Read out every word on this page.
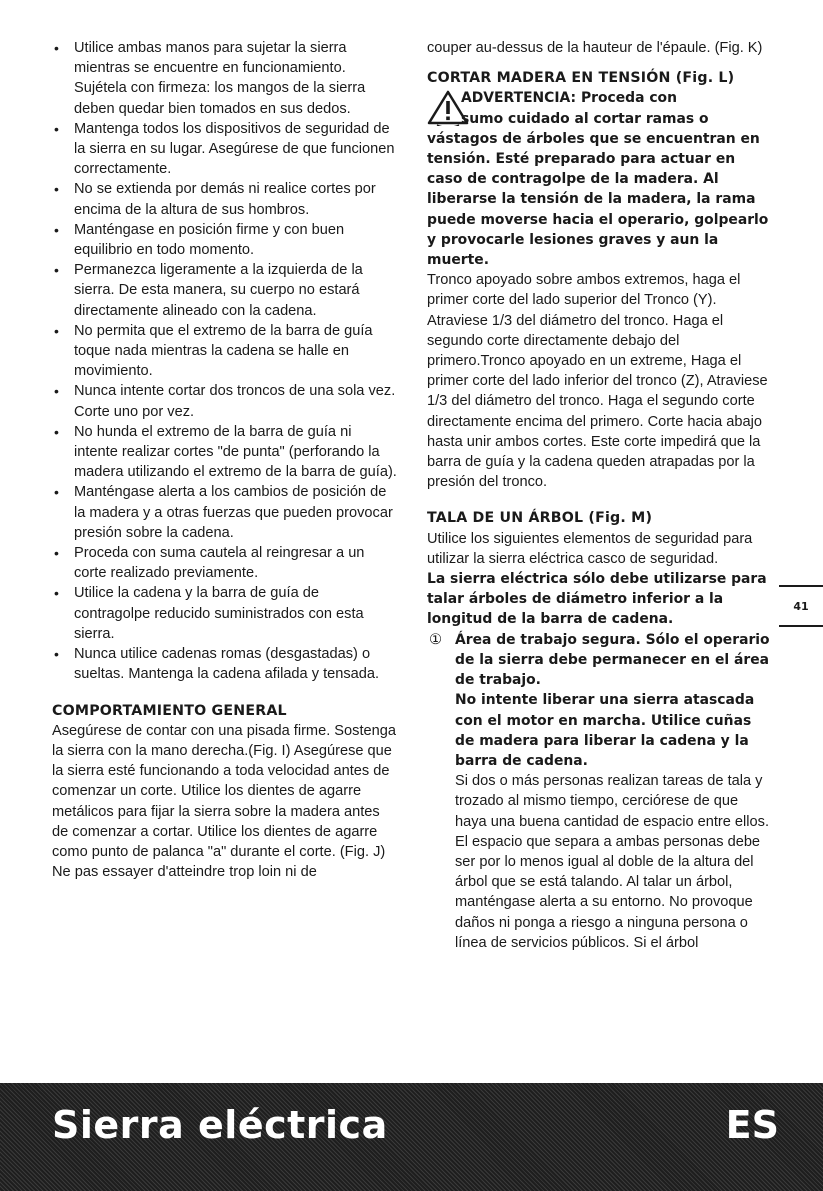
• Utilice ambas manos para sujetar la sierra mientras se encuentre en funcionamiento. Sujétela con firmeza: los mangos de la sierra deben quedar bien tomados en sus dedos.
• Mantenga todos los dispositivos de seguridad de la sierra en su lugar. Asegúrese de que funcionen correctamente.
• No se extienda por demás ni realice cortes por encima de la altura de sus hombros.
• Manténgase en posición firme y con buen equilibrio en todo momento.
• Permanezca ligeramente a la izquierda de la sierra. De esta manera, su cuerpo no estará directamente alineado con la cadena.
• No permita que el extremo de la barra de guía toque nada mientras la cadena se halle en movimiento.
• Nunca intente cortar dos troncos de una sola vez. Corte uno por vez.
• No hunda el extremo de la barra de guía ni intente realizar cortes "de punta" (perforando la madera utilizando el extremo de la barra de guía).
• Manténgase alerta a los cambios de posición de la madera y a otras fuerzas que pueden provocar presión sobre la cadena.
• Proceda con suma cautela al reingresar a un corte realizado previamente.
• Utilice la cadena y la barra de guía de contragolpe reducido suministrados con esta sierra.
• Nunca utilice cadenas romas (desgastadas) o sueltas. Mantenga la cadena afilada y tensada.
COMPORTAMIENTO GENERAL

Asegúrese de contar con una pisada firme. Sostenga la sierra con la mano derecha.(Fig. I) Asegúrese que la sierra esté funcionando a toda velocidad antes de comenzar un corte. Utilice los dientes de agarre metálicos para fijar la sierra sobre la madera antes de comenzar a cortar. Utilice los dientes de agarre como punto de palanca "a" durante el corte. (Fig. J)

Ne pas essayer d'atteindre trop loin ni de

couper au-dessus de la hauteur de l'épaule. (Fig. K)

CORTAR MADERA EN TENSIÓN (Fig. L)
ADVERTENCIA: Proceda con
sumo cuidado al cortar ramas o vástagos de árboles que se encuentran en tensión. Esté preparado para actuar en caso de contragolpe de la madera. Al liberarse la tensión de la madera, la rama puede moverse hacia el operario, golpearlo y provocarle lesiones graves y aun la muerte.

Tronco apoyado sobre ambos extremos, haga el primer corte del lado superior del Tronco (Y). Atraviese 1/3 del diámetro del tronco. Haga el segundo corte directamente debajo del primero.Tronco apoyado en un extreme, Haga el primer corte del lado inferior del tronco (Z), Atraviese 1/3 del diámetro del tronco. Haga el segundo corte directamente encima del primero. Corte hacia abajo hasta unir ambos cortes. Este corte impedirá que la barra de guía y la cadena queden atrapadas por la presión del tronco.

TALA DE UN ÁRBOL (Fig. M)

Utilice los siguientes elementos de seguridad para utilizar la sierra eléctrica casco de seguridad.

La sierra eléctrica sólo debe utilizarse para talar árboles de diámetro inferior a la longitud de la barra de cadena.

① Área de trabajo segura. Sólo el operario de la sierra debe permanecer en el área de trabajo.

No intente liberar una sierra atascada con el motor en marcha. Utilice cuñas de madera para liberar la cadena y la barra de cadena.

Si dos o más personas realizan tareas de tala y trozado al mismo tiempo, cerciórese de que haya una buena cantidad de espacio entre ellos. El espacio que separa a ambas personas debe ser por lo menos igual al doble de la altura del árbol que se está talando. Al talar un árbol, manténgase alerta a su entorno. No provoque daños ni ponga a riesgo a ninguna persona o línea de servicios públicos. Si el árbol

41
Sierra eléctrica	ES
